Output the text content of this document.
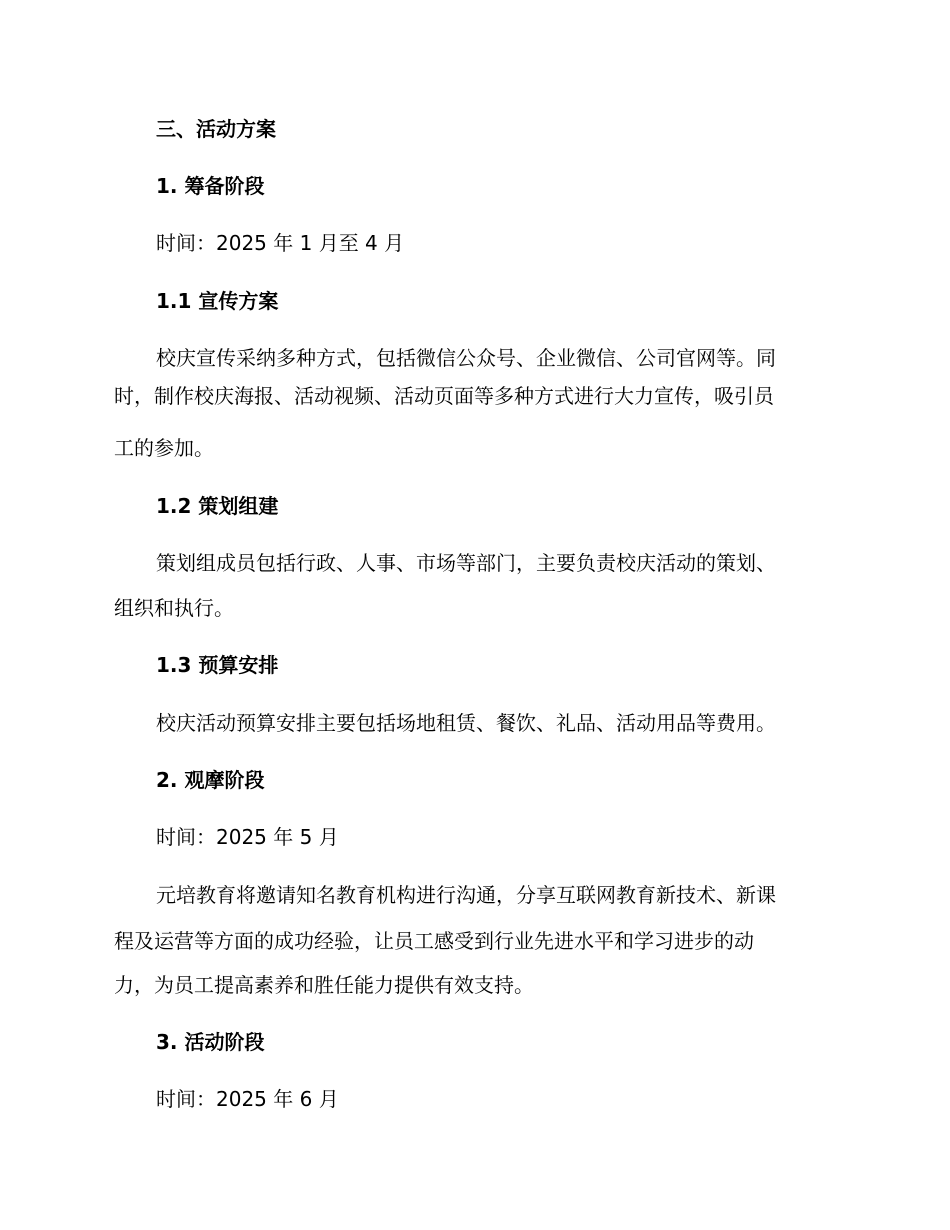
三、活动方案
1. 筹备阶段
时间：2025 年 1 月至 4 月
1.1 宣传方案
校庆宣传采纳多种方式，包括微信公众号、企业微信、公司官网等。同
时，制作校庆海报、活动视频、活动页面等多种方式进行大力宣传，吸引员
工的参加。
1.2 策划组建
策划组成员包括行政、人事、市场等部门，主要负责校庆活动的策划、
组织和执行。
1.3 预算安排
校庆活动预算安排主要包括场地租赁、餐饮、礼品、活动用品等费用。
2. 观摩阶段
时间：2025 年 5 月
元培教育将邀请知名教育机构进行沟通，分享互联网教育新技术、新课
程及运营等方面的成功经验，让员工感受到行业先进水平和学习进步的动
力，为员工提高素养和胜任能力提供有效支持。
3. 活动阶段
时间：2025 年 6 月
